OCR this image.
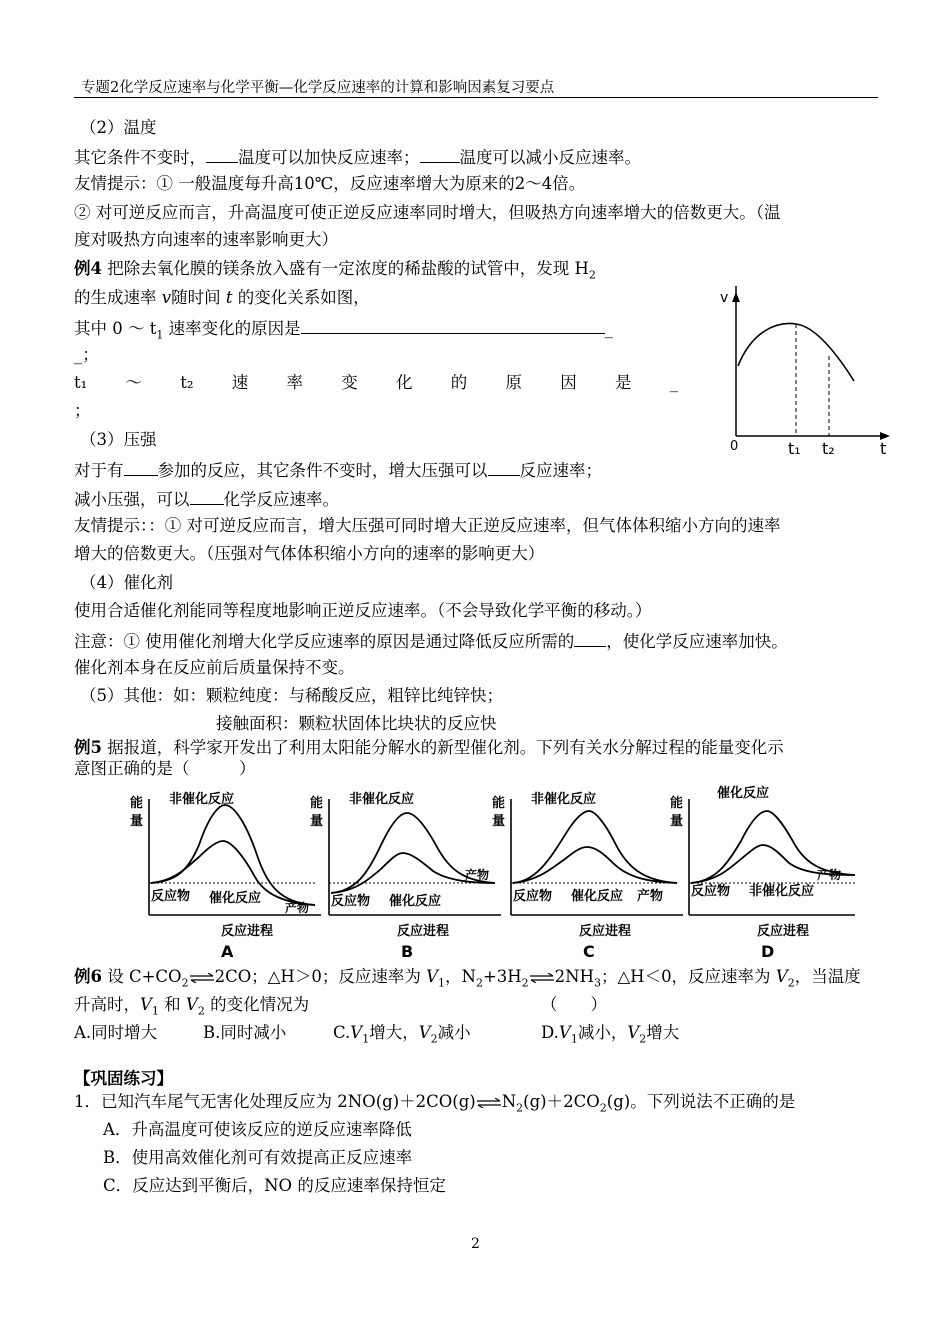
专题2化学反应速率与化学平衡—化学反应速率的计算和影响因素复习要点
（2）温度
其它条件不变时， 温度可以加快反应速率； 温度可以减小反应速率。
友情提示：① 一般温度每升高10℃，反应速率增大为原来的2～4倍。
② 对可逆反应而言，升高温度可使正逆反应速率同时增大，但吸热方向速率增大的倍数更大。（温
度对吸热方向速率的速率影响更大）
例4 把除去氧化膜的镁条放入盛有一定浓度的稀盐酸的试管中，发现 $H_2$
的生成速率 v随时间 t 的变化关系如图，
其中 0 ～ $t_1$ 速率变化的原因是	_
_；
t₁ ～ t₂ 速 率 变 化 的 原 因 是 _
；
v
0	t₁ t₂	t
（3）压强
对于有 参加的反应，其它条件不变时，增大压强可以 反应速率；
减小压强，可以 化学反应速率。
友情提示：：① 对可逆反应而言，增大压强可同时增大正逆反应速率，但气体体积缩小方向的速率
增大的倍数更大。（压强对气体体积缩小方向的速率的影响更大）
（4）催化剂
使用合适催化剂能同等程度地影响正逆反应速率。（不会导致化学平衡的移动。）
注意：① 使用催化剂增大化学反应速率的原因是通过降低反应所需的 ，使化学反应速率加快。
催化剂本身在反应前后质量保持不变。
（5）其他：如：颗粒纯度：与稀酸反应，粗锌比纯锌快；
接触面积：颗粒状固体比块状的反应快
例5 据报道，科学家开发出了利用太阳能分解水的新型催化剂。下列有关水分解过程的能量变化示
意图正确的是（　　　）
能
量
非催化反应
催化反应
反应物
产物
反应进程
A
能
量
非催化反应
催化反应
反应物
产物
反应进程
B
能
量
非催化反应
催化反应
反应物	产物
反应进程
C
能
量
催化反应
非催化反应
反应物
产物
反应进程
D
例6 设 $C+CO_2\rightleftharpoons 2CO$；△H＞0；反应速率为 $V_1$，$N_2+3H_2\rightleftharpoons 2NH_3$；△H＜0，反应速率为 $V_2$，当温度
升高时，$V_1$ 和 $V_2$ 的变化情况为	（　　）
A.同时增大	B.同时减小	$C.V_1$增大，$V_2$减小	$D.V_1$减小，$V_2$增大
【巩固练习】
1．已知汽车尾气无害化处理反应为 $2NO(g)+2CO(g)\rightleftharpoons N_2(g)+2CO_2(g)$。下列说法不正确的是
A．升高温度可使该反应的逆反应速率降低
B．使用高效催化剂可有效提高正反应速率
C．反应达到平衡后，NO 的反应速率保持恒定
2
